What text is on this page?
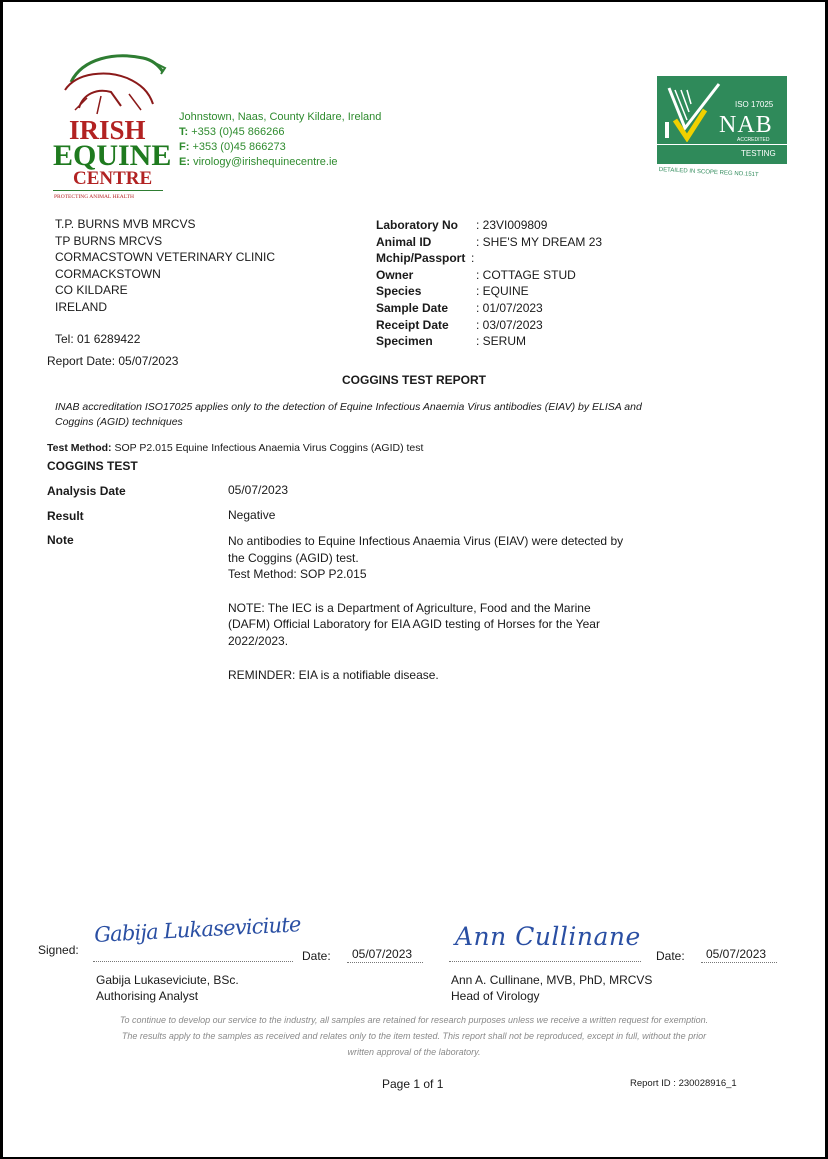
IRISH
EQUINE
CENTRE
PROTECTING ANIMAL HEALTH
Johnstown, Naas, County Kildare, Ireland
T: +353 (0)45 866266
F: +353 (0)45 866273
E: virology@irishequinecentre.ie
ISO 17025
NAB
ACCREDITED
TESTING
DETAILED IN SCOPE REG NO.151T
T.P. BURNS MVB MRCVS
TP BURNS MRCVS
CORMACSTOWN VETERINARY CLINIC
CORMACKSTOWN
CO KILDARE
IRELAND
Tel: 01 6289422
Laboratory No : 23VI009809
Animal ID	: SHE'S MY DREAM 23
Mchip/Passport :
Owner	: COTTAGE STUD
Species	: EQUINE
Sample Date : 01/07/2023
Receipt Date : 03/07/2023
Specimen	: SERUM
Report Date: 05/07/2023
COGGINS TEST REPORT
INAB accreditation ISO17025 applies only to the detection of Equine Infectious Anaemia Virus antibodies (EIAV) by ELISA and
Coggins (AGID) techniques
Test Method: SOP P2.015 Equine Infectious Anaemia Virus Coggins (AGID) test
COGGINS TEST
Analysis Date	05/07/2023
Result	Negative
Note	No antibodies to Equine Infectious Anaemia Virus (EIAV) were detected by
the Coggins (AGID) test.
Test Method: SOP P2.015
NOTE: The IEC is a Department of Agriculture, Food and the Marine
(DAFM) Official Laboratory for EIA AGID testing of Horses for the Year
2022/2023.
REMINDER: EIA is a notifiable disease.
Signed:
Gabija Lukaseviciute
Date: 05/07/2023
Gabija Lukaseviciute, BSc.
Authorising Analyst
Ann Cullinane
Date: 05/07/2023
Ann A. Cullinane, MVB, PhD, MRCVS
Head of Virology
To continue to develop our service to the industry, all samples are retained for research purposes unless we receive a written request for exemption.
The results apply to the samples as received and relates only to the item tested. This report shall not be reproduced, except in full, without the prior
written approval of the laboratory.
Page 1 of 1	Report ID : 230028916_1
